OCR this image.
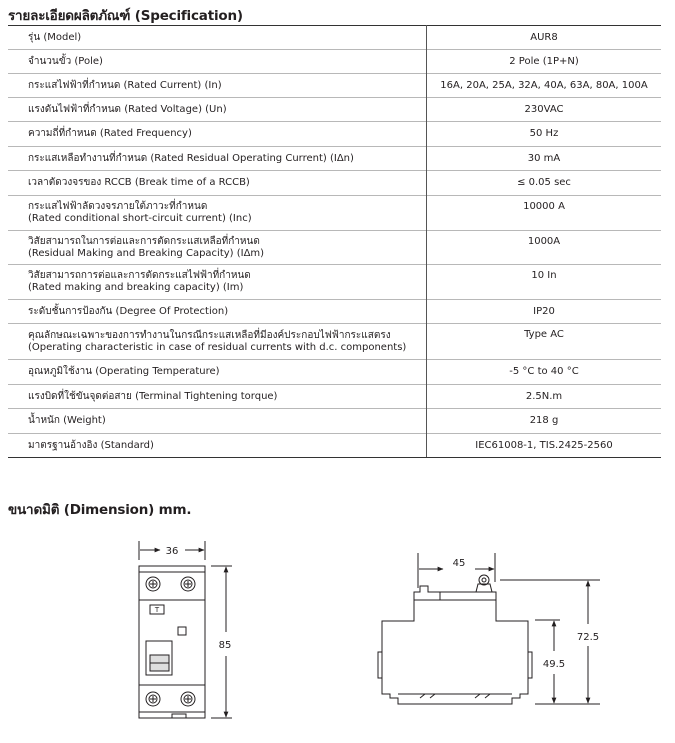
รายละเอียดผลิตภัณฑ์ (Specification)
รุ่น (Model)	AUR8
จำนวนขั้ว (Pole)	2 Pole (1P+N)
กระแสไฟฟ้าที่กำหนด (Rated Current) (In)	16A, 20A, 25A, 32A, 40A, 63A, 80A, 100A
แรงดันไฟฟ้าที่กำหนด (Rated Voltage) (Un)	230VAC
ความถี่ที่กำหนด (Rated Frequency)	50 Hz
กระแสเหลือทำงานที่กำหนด (Rated Residual Operating Current) (IΔn)	30 mA
เวลาตัดวงจรของ RCCB (Break time of a RCCB)	≤ 0.05 sec

กระแสไฟฟ้าลัดวงจรภายใต้ภาวะที่กำหนด
(Rated conditional short-circuit current) (Inc)	10000 A

วิสัยสามารถในการต่อและการตัดกระแสเหลือที่กำหนด
(Residual Making and Breaking Capacity) (IΔm)	1000A

วิสัยสามารถการต่อและการตัดกระแสไฟฟ้าที่กำหนด
(Rated making and breaking capacity) (Im)	10 In
ระดับชั้นการป้องกัน (Degree Of Protection)	IP20

คุณลักษณะเฉพาะของการทำงานในกรณีกระแสเหลือที่มีองค์ประกอบไฟฟ้ากระแสตรง
(Operating characteristic in case of residual currents with d.c. components)	Type AC
อุณหภูมิใช้งาน (Operating Temperature)	-5 °C to 40 °C
แรงบิดที่ใช้ขันจุดต่อสาย (Terminal Tightening torque)	2.5N.m
น้ำหนัก (Weight)	218 g
มาตรฐานอ้างอิง (Standard)	IEC61008-1, TIS.2425-2560
ขนาดมิติ (Dimension) mm.
36
85
T
45
72.5
49.5
